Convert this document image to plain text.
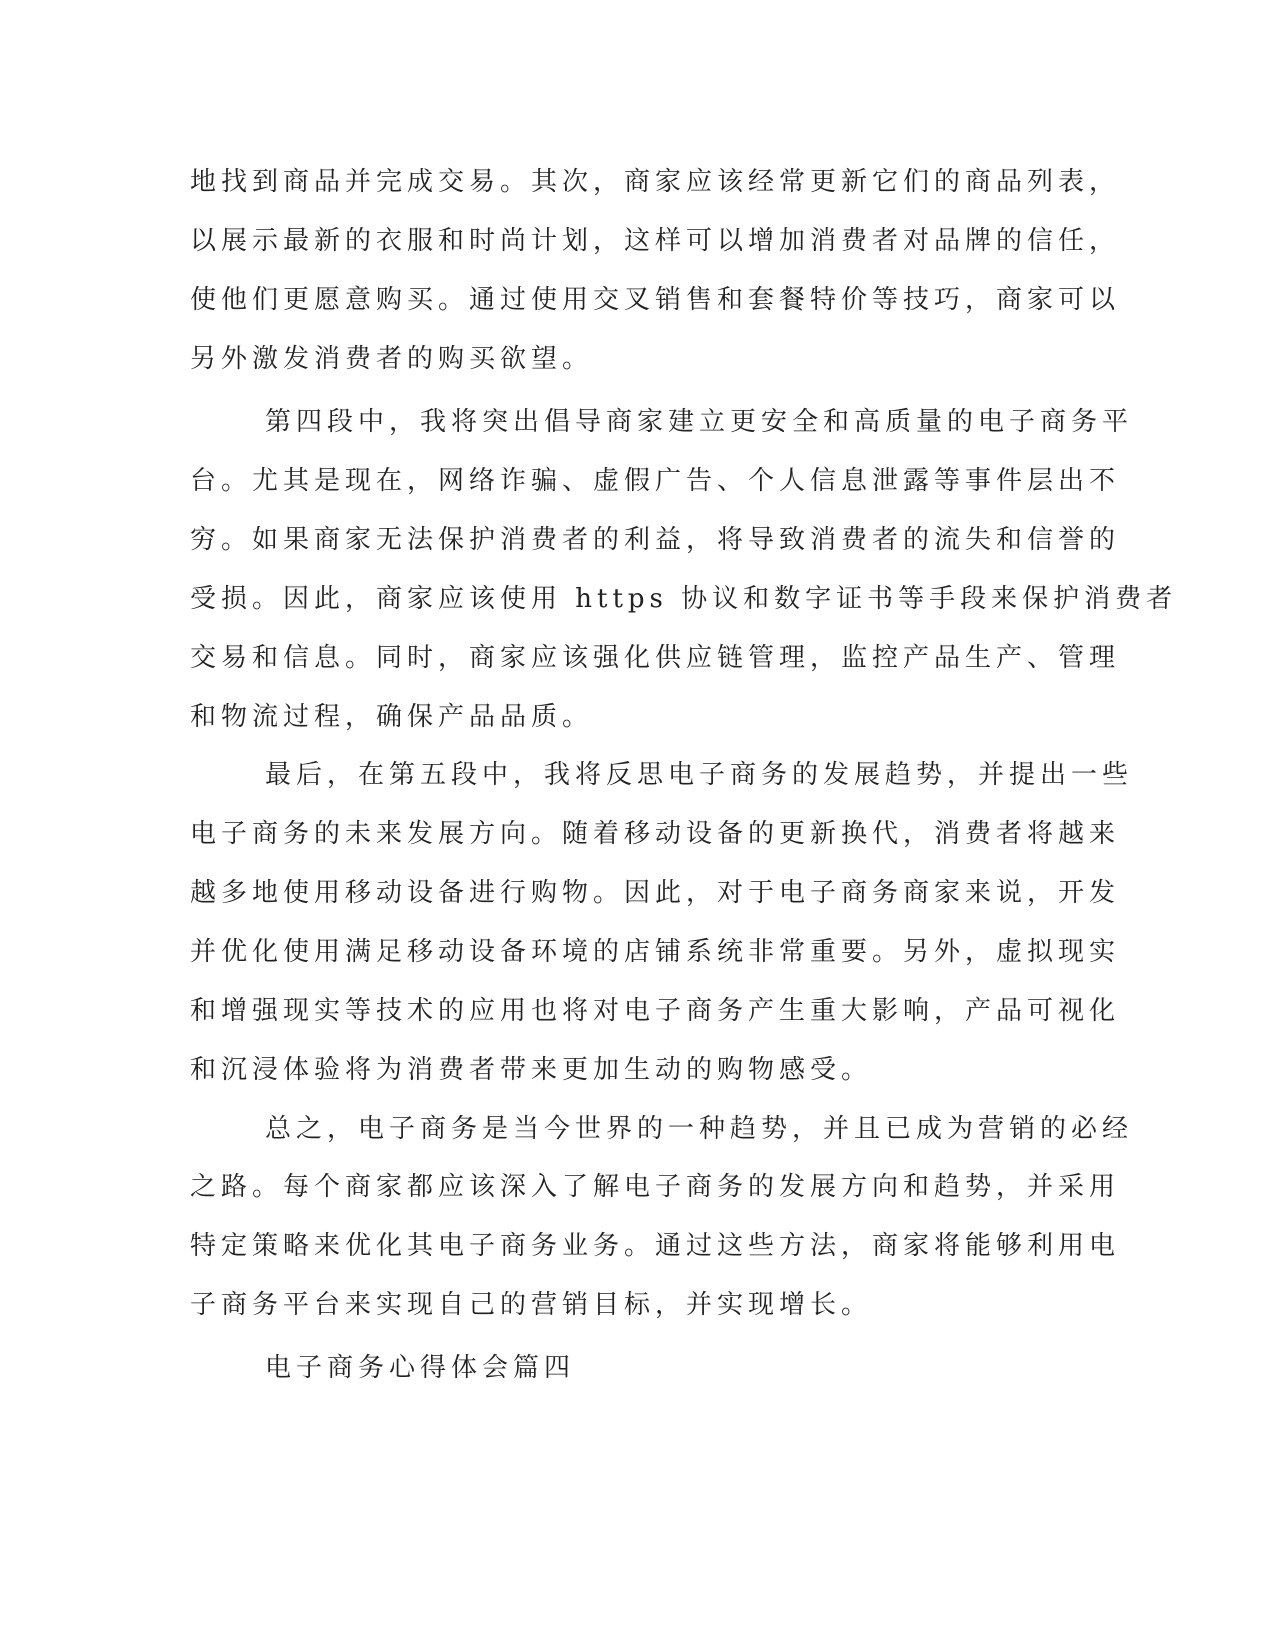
地找到商品并完成交易。其次，商家应该经常更新它们的商品列表，
以展示最新的衣服和时尚计划，这样可以增加消费者对品牌的信任，
使他们更愿意购买。通过使用交叉销售和套餐特价等技巧，商家可以
另外激发消费者的购买欲望。
第四段中，我将突出倡导商家建立更安全和高质量的电子商务平
台。尤其是现在，网络诈骗、虚假广告、个人信息泄露等事件层出不
穷。如果商家无法保护消费者的利益，将导致消费者的流失和信誉的
受损。因此，商家应该使用 https 协议和数字证书等手段来保护消费者
交易和信息。同时，商家应该强化供应链管理，监控产品生产、管理
和物流过程，确保产品品质。
最后，在第五段中，我将反思电子商务的发展趋势，并提出一些
电子商务的未来发展方向。随着移动设备的更新换代，消费者将越来
越多地使用移动设备进行购物。因此，对于电子商务商家来说，开发
并优化使用满足移动设备环境的店铺系统非常重要。另外，虚拟现实
和增强现实等技术的应用也将对电子商务产生重大影响，产品可视化
和沉浸体验将为消费者带来更加生动的购物感受。
总之，电子商务是当今世界的一种趋势，并且已成为营销的必经
之路。每个商家都应该深入了解电子商务的发展方向和趋势，并采用
特定策略来优化其电子商务业务。通过这些方法，商家将能够利用电
子商务平台来实现自己的营销目标，并实现增长。
电子商务心得体会篇四
